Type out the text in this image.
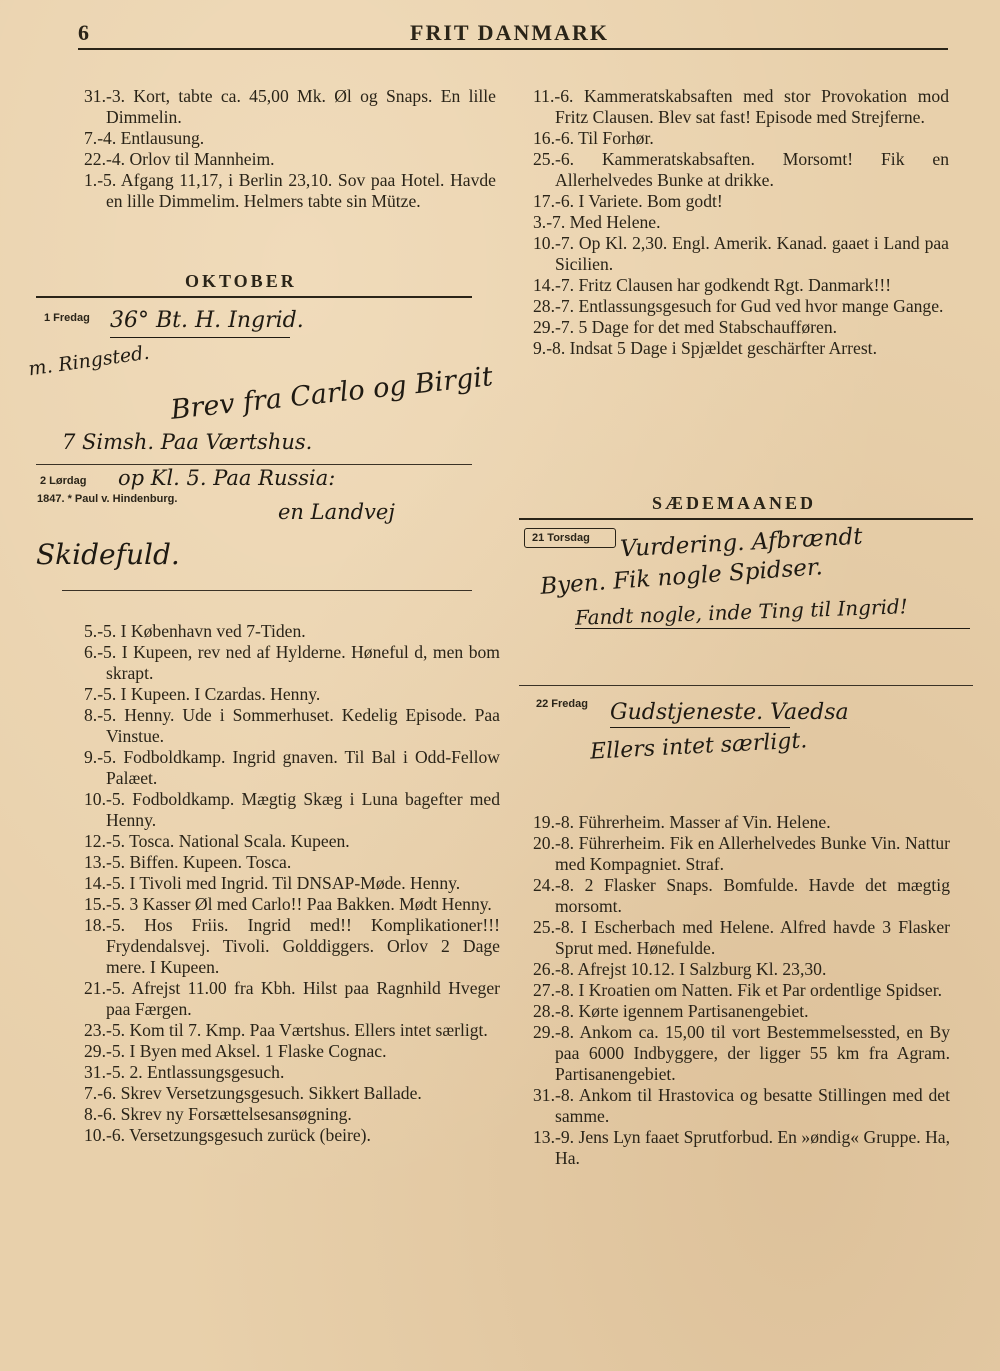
6	FRIT DANMARK
31.-3. Kort, tabte ca. 45,00 Mk. Øl og Snaps. En lille Dimmelin.
7.-4. Entlausung.
22.-4. Orlov til Mannheim.
1.-5. Afgang 11,17, i Berlin 23,10. Sov paa Hotel. Havde en lille Dimmelim. Helmers tabte sin Mütze.
OKTOBER
1 Fredag 36° Bt. H. Ingrid.
m. Ringsted.
Brev fra Carlo og Birgit
7 Simsh. Paa Værtshus.
2 Lørdag
1847. * Paul v. Hindenburg.
op Kl. 5. Paa Russia:
en Landvej
Skidefuld.
5.-5. I København ved 7-Tiden.
6.-5. I Kupeen, rev ned af Hylderne. Høneful d, men bom skrapt.
7.-5. I Kupeen. I Czardas. Henny.
8.-5. Henny. Ude i Sommerhuset. Kedelig Episode. Paa Vinstue.
9.-5. Fodboldkamp. Ingrid gnaven. Til Bal i Odd-Fellow Palæet.
10.-5. Fodboldkamp. Mægtig Skæg i Luna bagefter med Henny.
12.-5. Tosca. National Scala. Kupeen.
13.-5. Biffen. Kupeen. Tosca.
14.-5. I Tivoli med Ingrid. Til DNSAP-Møde. Henny.
15.-5. 3 Kasser Øl med Carlo!! Paa Bakken. Mødt Henny.
18.-5. Hos Friis. Ingrid med!! Komplikationer!!! Frydendalsvej. Tivoli. Golddiggers. Orlov 2 Dage mere. I Kupeen.
21.-5. Afrejst 11.00 fra Kbh. Hilst paa Ragnhild Hveger paa Færgen.
23.-5. Kom til 7. Kmp. Paa Værtshus. Ellers intet særligt.
29.-5. I Byen med Aksel. 1 Flaske Cognac.
31.-5. 2. Entlassungsgesuch.
7.-6. Skrev Versetzungsgesuch. Sikkert Ballade.
8.-6. Skrev ny Forsættelsesansøgning.
10.-6. Versetzungsgesuch zurück (beire).
11.-6. Kammeratskabsaften med stor Provokation mod Fritz Clausen. Blev sat fast! Episode med Strejferne.
16.-6. Til Forhør.
25.-6. Kammeratskabsaften. Morsomt! Fik en Allerhelvedes Bunke at drikke.
17.-6. I Variete. Bom godt!
3.-7. Med Helene.
10.-7. Op Kl. 2,30. Engl. Amerik. Kanad. gaaet i Land paa Sicilien.
14.-7. Fritz Clausen har godkendt Rgt. Danmark!!!
28.-7. Entlassungsgesuch for Gud ved hvor mange Gange.
29.-7. 5 Dage for det med Stabschaufføren.
9.-8. Indsat 5 Dage i Spjældet geschärfter Arrest.
SÆDEMAANED
21 Torsdag Vurdering. Afbrændt
Byen. Fik nogle Spidser.
Fandt nogle, inde Ting til Ingrid!
22 Fredag Gudstjeneste. Vaedsa
Ellers intet særligt.
19.-8. Führerheim. Masser af Vin. Helene.
20.-8. Führerheim. Fik en Allerhelvedes Bunke Vin. Nattur med Kompagniet. Straf.
24.-8. 2 Flasker Snaps. Bomfulde. Havde det mægtig morsomt.
25.-8. I Escherbach med Helene. Alfred havde 3 Flasker Sprut med. Hønefulde.
26.-8. Afrejst 10.12. I Salzburg Kl. 23,30.
27.-8. I Kroatien om Natten. Fik et Par ordentlige Spidser.
28.-8. Kørte igennem Partisanengebiet.
29.-8. Ankom ca. 15,00 til vort Bestemmelsessted, en By paa 6000 Indbyggere, der ligger 55 km fra Agram. Partisanengebiet.
31.-8. Ankom til Hrastovica og besatte Stillingen med det samme.
13.-9. Jens Lyn faaet Sprutforbud. En »øndig« Gruppe. Ha, Ha.
